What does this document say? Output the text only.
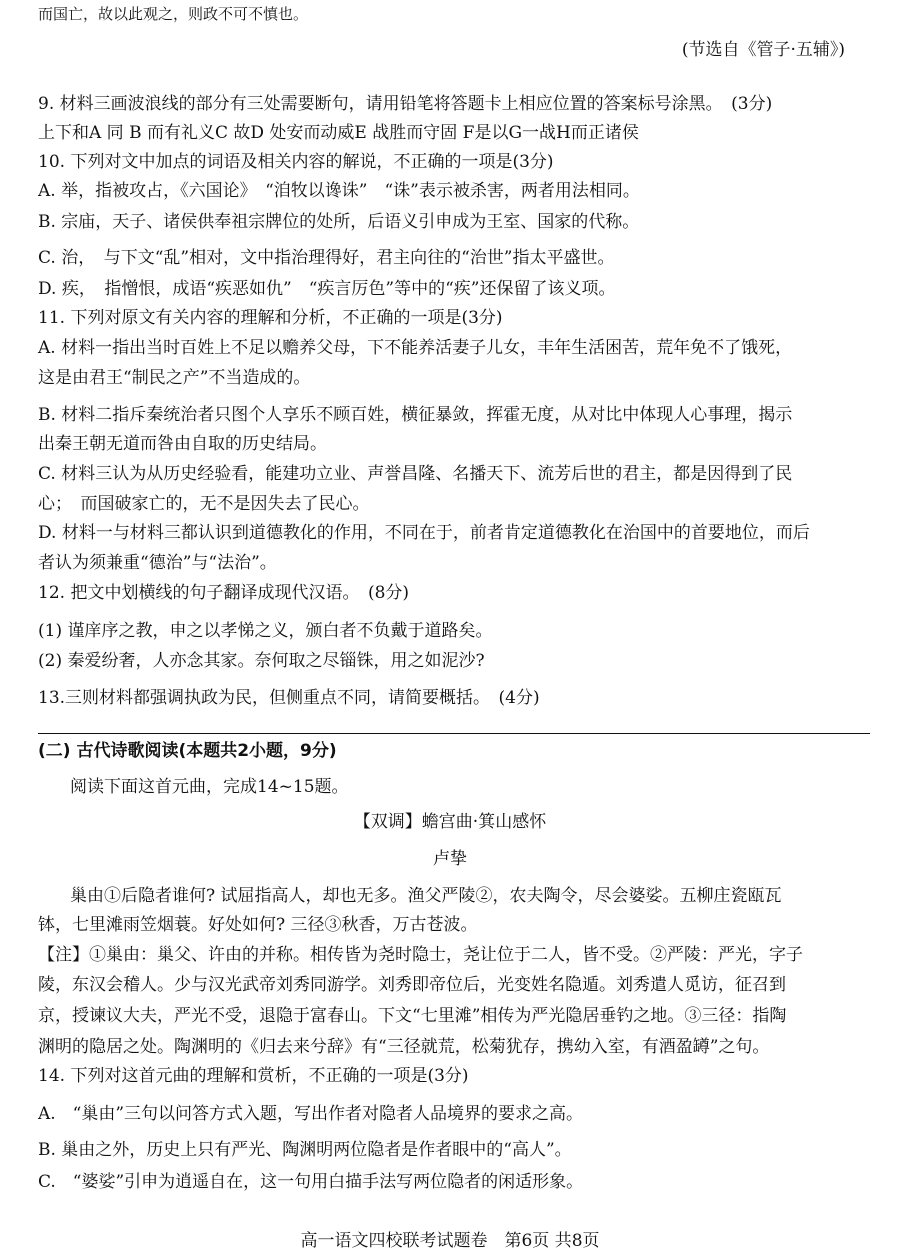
而国亡，故以此观之，则政不可不慎也。
(节选自《管子·五辅》)
9. 材料三画波浪线的部分有三处需要断句，请用铅笔将答题卡上相应位置的答案标号涂黑。　(3分)
上下和A 同 B 而有礼义C 故D 处安而动威E 战胜而守固 F是以G一战H而正诸侯
10. 下列对文中加点的词语及相关内容的解说，不正确的一项是(3分)
A. 举，指被攻占，《六国论》　“洎牧以谗诛”　“诛”表示被杀害，两者用法相同。
B. 宗庙，天子、诸侯供奉祖宗牌位的处所，后语义引申成为王室、国家的代称。
C. 治，　与下文“乱”相对，文中指治理得好，君主向往的“治世”指太平盛世。
D. 疾，　指憎恨，成语“疾恶如仇”　“疾言厉色”等中的“疾”还保留了该义项。
11. 下列对原文有关内容的理解和分析，不正确的一项是(3分)
A. 材料一指出当时百姓上不足以赡养父母，下不能养活妻子儿女，丰年生活困苦，荒年免不了饿死，
这是由君王“制民之产”不当造成的。
B. 材料二指斥秦统治者只图个人享乐不顾百姓，横征暴敛，挥霍无度，从对比中体现人心事理，揭示
出秦王朝无道而咎由自取的历史结局。
C. 材料三认为从历史经验看，能建功立业、声誉昌隆、名播天下、流芳后世的君主，都是因得到了民
心；　而国破家亡的，无不是因失去了民心。
D. 材料一与材料三都认识到道德教化的作用，不同在于，前者肯定道德教化在治国中的首要地位，而后
者认为须兼重“德治”与“法治”。
12. 把文中划横线的句子翻译成现代汉语。　(8分)
(1) 谨庠序之教，申之以孝悌之义，颁白者不负戴于道路矣。
(2) 秦爱纷奢，人亦念其家。奈何取之尽锱铢，用之如泥沙?
13.三则材料都强调执政为民，但侧重点不同，请简要概括。　(4分)
(二) 古代诗歌阅读(本题共2小题，9分)
阅读下面这首元曲，完成14~15题。
【双调】蟾宫曲·箕山感怀
卢挚
巢由①后隐者谁何? 试屈指高人，却也无多。渔父严陵②，农夫陶令，尽会婆娑。五柳庄瓷瓯瓦
钵，七里滩雨笠烟蓑。好处如何? 三径③秋香，万古苍波。
【注】①巢由：巢父、许由的并称。相传皆为尧时隐士，尧让位于二人，皆不受。②严陵：严光，字子
陵，东汉会稽人。少与汉光武帝刘秀同游学。刘秀即帝位后，光变姓名隐遁。刘秀遣人觅访，征召到
京，授谏议大夫，严光不受，退隐于富春山。下文“七里滩”相传为严光隐居垂钓之地。③三径：指陶
渊明的隐居之处。陶渊明的《归去来兮辞》有“三径就荒，松菊犹存，携幼入室，有酒盈罇”之句。
14. 下列对这首元曲的理解和赏析，不正确的一项是(3分)
A.　“巢由”三句以问答方式入题，写出作者对隐者人品境界的要求之高。
B. 巢由之外，历史上只有严光、陶渊明两位隐者是作者眼中的“高人”。
C.　“婆娑”引申为逍遥自在，这一句用白描手法写两位隐者的闲适形象。
高一语文四校联考试题卷　第6页 共8页
